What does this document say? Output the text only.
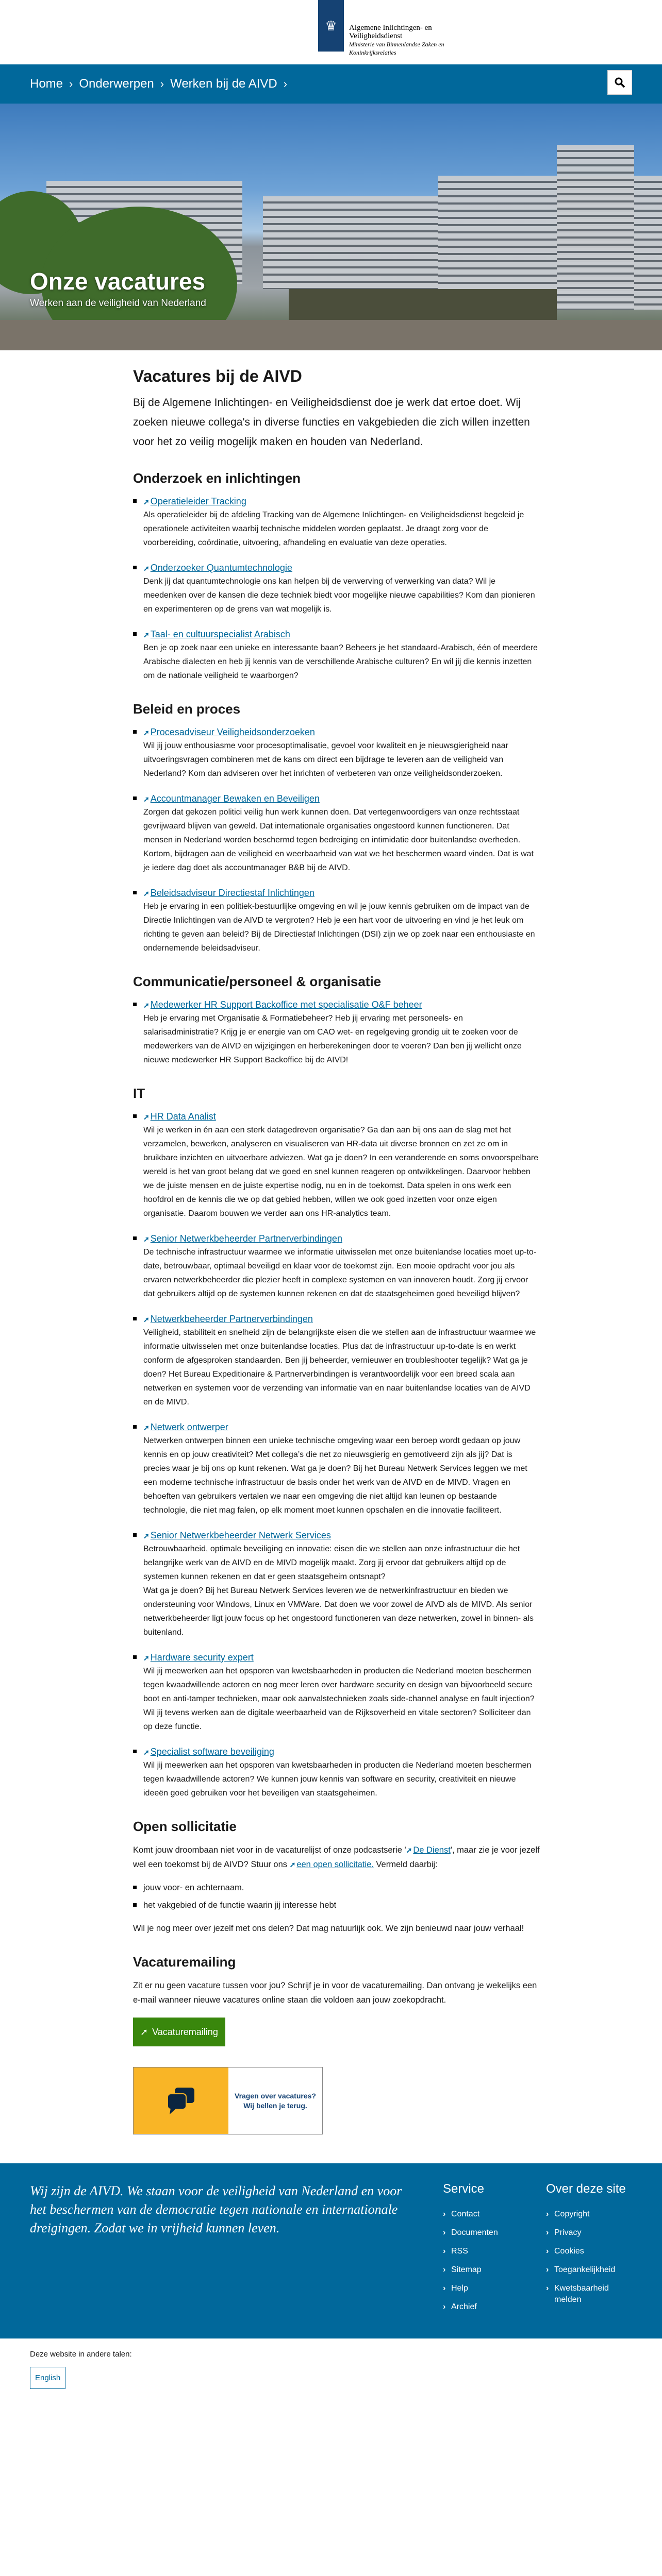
♛	Algemene Inlichtingen- en
Veiligheidsdienst
Ministerie van Binnenlandse Zaken en
Koninkrijksrelaties
Home › Onderwerpen › Werken bij de AIVD ›
Onze vacatures
Werken aan de veiligheid van Nederland
Vacatures bij de AIVD

Bij de Algemene Inlichtingen- en Veiligheidsdienst doe je werk dat ertoe doet. Wij zoeken nieuwe collega's in diverse functies en vakgebieden die zich willen inzetten voor het zo veilig mogelijk maken en houden van Nederland.

Onderzoek en inlichtingen
➚ Operatieleider Tracking
Als operatieleider bij de afdeling Tracking van de Algemene Inlichtingen- en Veiligheidsdienst begeleid je operationele activiteiten waarbij technische middelen worden geplaatst. Je draagt zorg voor de voorbereiding, coördinatie, uitvoering, afhandeling en evaluatie van deze operaties.
➚ Onderzoeker Quantumtechnologie
Denk jij dat quantumtechnologie ons kan helpen bij de verwerving of verwerking van data? Wil je meedenken over de kansen die deze techniek biedt voor mogelijke nieuwe capabilities? Kom dan pionieren en experimenteren op de grens van wat mogelijk is.
➚ Taal- en cultuurspecialist Arabisch
Ben je op zoek naar een unieke en interessante baan? Beheers je het standaard-Arabisch, één of meerdere Arabische dialecten en heb jij kennis van de verschillende Arabische culturen? En wil jij die kennis inzetten om de nationale veiligheid te waarborgen?
Beleid en proces
➚ Procesadviseur Veiligheidsonderzoeken
Wil jij jouw enthousiasme voor procesoptimalisatie, gevoel voor kwaliteit en je nieuwsgierigheid naar uitvoeringsvragen combineren met de kans om direct een bijdrage te leveren aan de veiligheid van Nederland? Kom dan adviseren over het inrichten of verbeteren van onze veiligheidsonderzoeken.
➚ Accountmanager Bewaken en Beveiligen
Zorgen dat gekozen politici veilig hun werk kunnen doen. Dat vertegenwoordigers van onze rechtsstaat gevrijwaard blijven van geweld. Dat internationale organisaties ongestoord kunnen functioneren. Dat mensen in Nederland worden beschermd tegen bedreiging en intimidatie door buitenlandse overheden. Kortom, bijdragen aan de veiligheid en weerbaarheid van wat we het beschermen waard vinden. Dat is wat je iedere dag doet als accountmanager B&B bij de AIVD.
➚ Beleidsadviseur Directiestaf Inlichtingen
Heb je ervaring in een politiek-bestuurlijke omgeving en wil je jouw kennis gebruiken om de impact van de Directie Inlichtingen van de AIVD te vergroten? Heb je een hart voor de uitvoering en vind je het leuk om richting te geven aan beleid? Bij de Directiestaf Inlichtingen (DSI) zijn we op zoek naar een enthousiaste en ondernemende beleidsadviseur.
Communicatie/personeel & organisatie
➚ Medewerker HR Support Backoffice met specialisatie O&F beheer
Heb je ervaring met Organisatie & Formatiebeheer? Heb jij ervaring met personeels- en salarisadministratie? Krijg je er energie van om CAO wet- en regelgeving grondig uit te zoeken voor de medewerkers van de AIVD en wijzigingen en herberekeningen door te voeren? Dan ben jij wellicht onze nieuwe medewerker HR Support Backoffice bij de AIVD!
IT
➚ HR Data Analist
Wil je werken in én aan een sterk datagedreven organisatie? Ga dan aan bij ons aan de slag met het verzamelen, bewerken, analyseren en visualiseren van HR-data uit diverse bronnen en zet ze om in bruikbare inzichten en uitvoerbare adviezen. Wat ga je doen? In een veranderende en soms onvoorspelbare wereld is het van groot belang dat we goed en snel kunnen reageren op ontwikkelingen. Daarvoor hebben we de juiste mensen en de juiste expertise nodig, nu en in de toekomst. Data spelen in ons werk een hoofdrol en de kennis die we op dat gebied hebben, willen we ook goed inzetten voor onze eigen organisatie. Daarom bouwen we verder aan ons HR-analytics team.
➚ Senior Netwerkbeheerder Partnerverbindingen
De technische infrastructuur waarmee we informatie uitwisselen met onze buitenlandse locaties moet up-to-date, betrouwbaar, optimaal beveiligd en klaar voor de toekomst zijn. Een mooie opdracht voor jou als ervaren netwerkbeheerder die plezier heeft in complexe systemen en van innoveren houdt. Zorg jij ervoor dat gebruikers altijd op de systemen kunnen rekenen en dat de staatsgeheimen goed beveiligd blijven?
➚ Netwerkbeheerder Partnerverbindingen
Veiligheid, stabiliteit en snelheid zijn de belangrijkste eisen die we stellen aan de infrastructuur waarmee we informatie uitwisselen met onze buitenlandse locaties. Plus dat de infrastructuur up-to-date is en werkt conform de afgesproken standaarden. Ben jij beheerder, vernieuwer en troubleshooter tegelijk? Wat ga je doen? Het Bureau Expeditionaire & Partnerverbindingen is verantwoordelijk voor een breed scala aan netwerken en systemen voor de verzending van informatie van en naar buitenlandse locaties van de AIVD en de MIVD.
➚ Netwerk ontwerper
Netwerken ontwerpen binnen een unieke technische omgeving waar een beroep wordt gedaan op jouw kennis en op jouw creativiteit? Met collega’s die net zo nieuwsgierig en gemotiveerd zijn als jij? Dat is precies waar je bij ons op kunt rekenen. Wat ga je doen? Bij het Bureau Netwerk Services leggen we met een moderne technische infrastructuur de basis onder het werk van de AIVD en de MIVD. Vragen en behoeften van gebruikers vertalen we naar een omgeving die niet altijd kan leunen op bestaande technologie, die niet mag falen, op elk moment moet kunnen opschalen en die innovatie faciliteert.
➚ Senior Netwerkbeheerder Netwerk Services
Betrouwbaarheid, optimale beveiliging en innovatie: eisen die we stellen aan onze infrastructuur die het belangrijke werk van de AIVD en de MIVD mogelijk maakt. Zorg jij ervoor dat gebruikers altijd op de systemen kunnen rekenen en dat er geen staatsgeheim ontsnapt?
Wat ga je doen? Bij het Bureau Netwerk Services leveren we de netwerkinfrastructuur en bieden we ondersteuning voor Windows, Linux en VMWare. Dat doen we voor zowel de AIVD als de MIVD. Als senior netwerkbeheerder ligt jouw focus op het ongestoord functioneren van deze netwerken, zowel in binnen- als buitenland.
➚ Hardware security expert
Wil jij meewerken aan het opsporen van kwetsbaarheden in producten die Nederland moeten beschermen tegen kwaadwillende actoren en nog meer leren over hardware security en design van bijvoorbeeld secure boot en anti-tamper technieken, maar ook aanvalstechnieken zoals side-channel analyse en fault injection? Wil jij tevens werken aan de digitale weerbaarheid van de Rijksoverheid en vitale sectoren? Solliciteer dan op deze functie.
➚ Specialist software beveiliging
Wil jij meewerken aan het opsporen van kwetsbaarheden in producten die Nederland moeten beschermen tegen kwaadwillende actoren? We kunnen jouw kennis van software en security, creativiteit en nieuwe ideeën goed gebruiken voor het beveiligen van staatsgeheimen.
Open sollicitatie

Komt jouw droombaan niet voor in de vacaturelijst of onze podcastserie '➚ De Dienst', maar zie je voor jezelf wel een toekomst bij de AIVD? Stuur ons ➚ een open sollicitatie. Vermeld daarbij:

jouw voor- en achternaam.
het vakgebied of de functie waarin jij interesse hebt

Wil je nog meer over jezelf met ons delen? Dat mag natuurlijk ook. We zijn benieuwd naar jouw verhaal!

Vacaturemailing

Zit er nu geen vacature tussen voor jou? Schrijf je in voor de vacaturemailing. Dan ontvang je wekelijks een e-mail wanneer nieuwe vacatures online staan die voldoen aan jouw zoekopdracht.

➚ Vacaturemailing
Vragen over vacatures?
Wij bellen je terug.
Wij zijn de AIVD. We staan voor de veiligheid van Nederland en voor het beschermen van de democratie tegen nationale en internationale dreigingen. Zodat we in vrijheid kunnen leven.
Service
› Contact
› Documenten
› RSS
› Sitemap
› Help
› Archief
Over deze site
› Copyright
› Privacy
› Cookies
› Toegankelijkheid
› Kwetsbaarheid melden
Deze website in andere talen:
English
